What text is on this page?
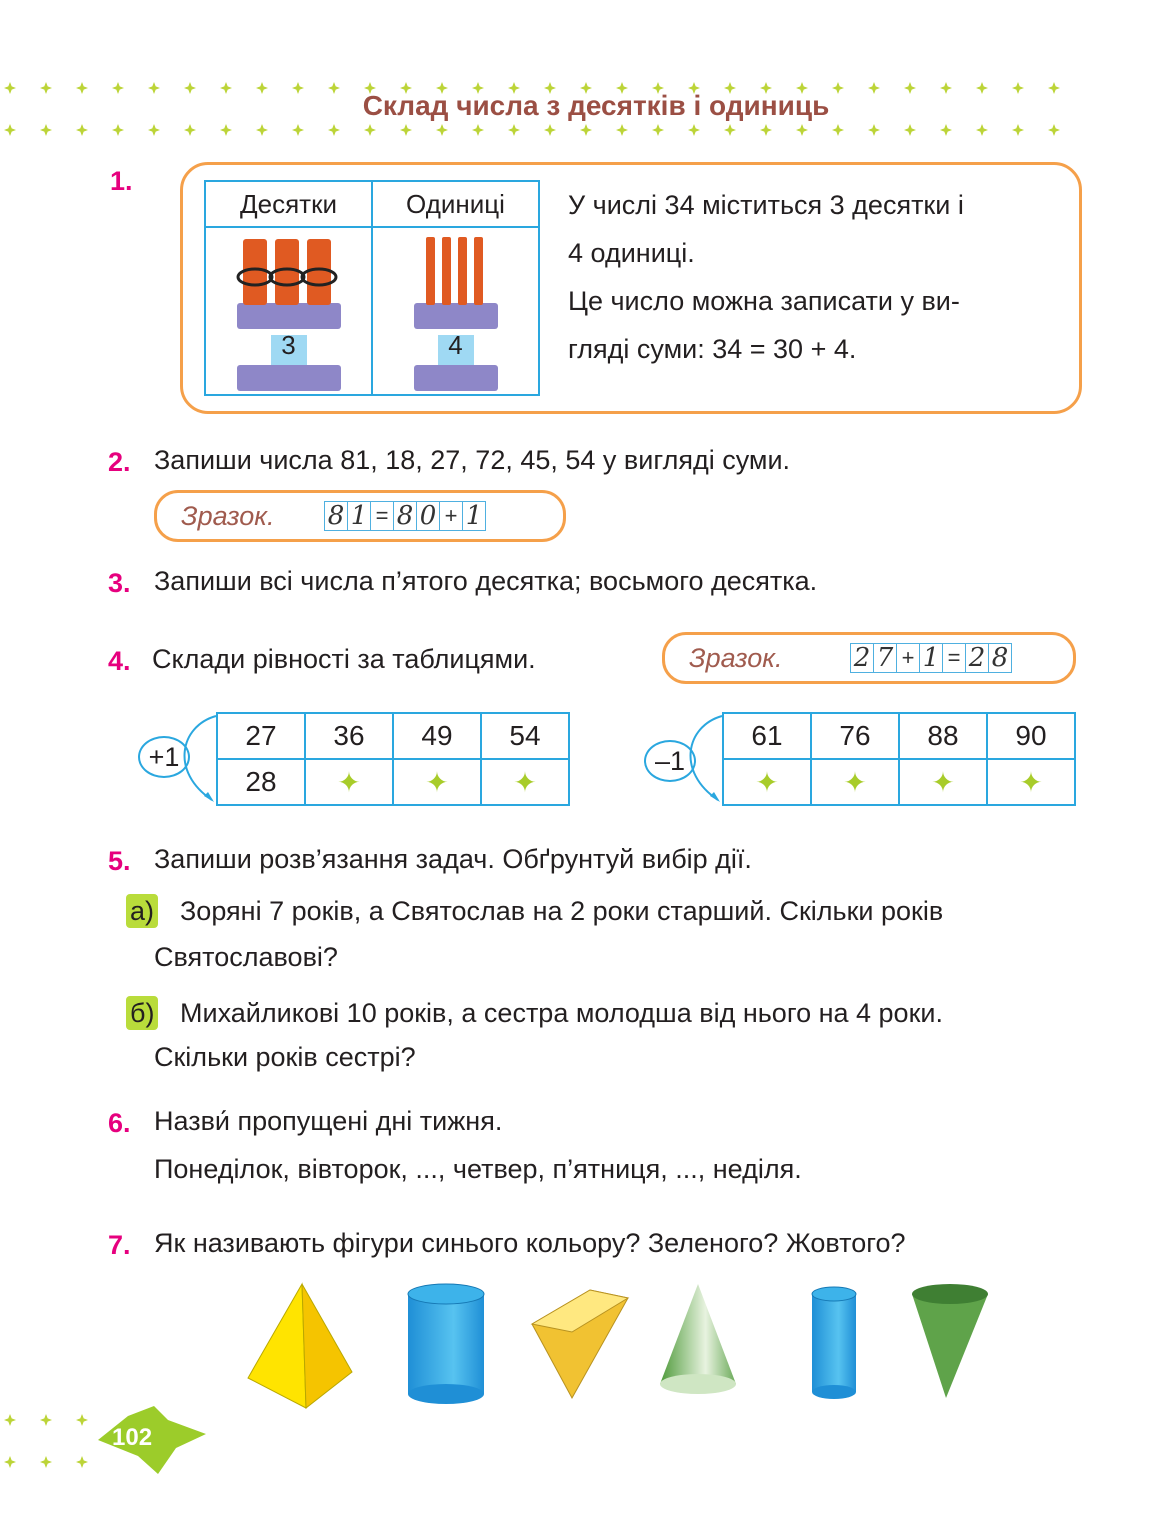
Склад числа з десятків і одиниць
1.
Десятки	Одиниці

3	4
У числі 34 міститься 3 десятки і
4 одиниці.
Це число можна записати у ви-
гляді суми: 34 = 30 + 4.
2. Запиши числа 81, 18, 27, 72, 45, 54 у вигляді суми.
Зразок. 8 1 = 8 0 + 1
3. Запиши всі числа п’ятого десятка; восьмого десятка.
4. Склади рівності за таблицями.	Зразок.	2 7 + 1 = 2 8
+1
27	36	49	54
28	✦	✦	✦
–1
61	76	88	90
✦	✦	✦	✦
5. Запиши розв’язання задач. Обґрунтуй вибір дії.
а) Зоряні 7 років, а Святослав на 2 роки старший. Скільки років
Святославові?
б) Михайликові 10 років, а сестра молодша від нього на 4 роки.
Скільки років сестрі?
6. Назви́ пропущені дні тижня.
Понеділок, вівторок, ..., четвер, п’ятниця, ..., неділя.
7. Як називають фігури синього кольору? Зеленого? Жовтого?
102
